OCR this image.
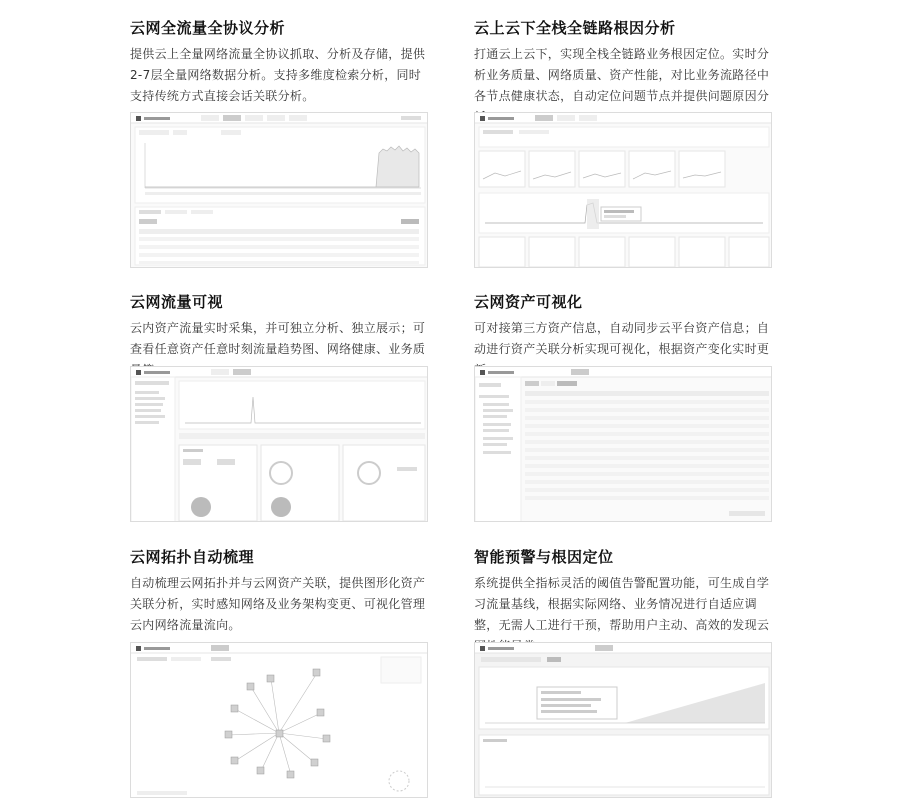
云网全流量全协议分析
提供云上全量网络流量全协议抓取、分析及存储，提供2-7层全量网络数据分析。支持多维度检索分析，同时支持传统方式直接会话关联分析。
云上云下全栈全链路根因分析
打通云上云下，实现全栈全链路业务根因定位。实时分析业务质量、网络质量、资产性能，对比业务流路径中各节点健康状态，自动定位问题节点并提供问题原因分
云网流量可视
云内资产流量实时采集，并可独立分析、独立展示；可查看任意资产任意时刻流量趋势图、网络健康、业务质
云网资产可视化
可对接第三方资产信息，自动同步云平台资产信息；自动进行资产关联分析实现可视化，根据资产变化实时更
云网拓扑自动梳理
自动梳理云网拓扑并与云网资产关联，提供图形化资产关联分析，实时感知网络及业务架构变更、可视化管理云内网络流量流向。
智能预警与根因定位
系统提供全指标灵活的阈值告警配置功能，可生成自学习流量基线，根据实际网络、业务情况进行自适应调整，无需人工进行干预，帮助用户主动、高效的发现云
